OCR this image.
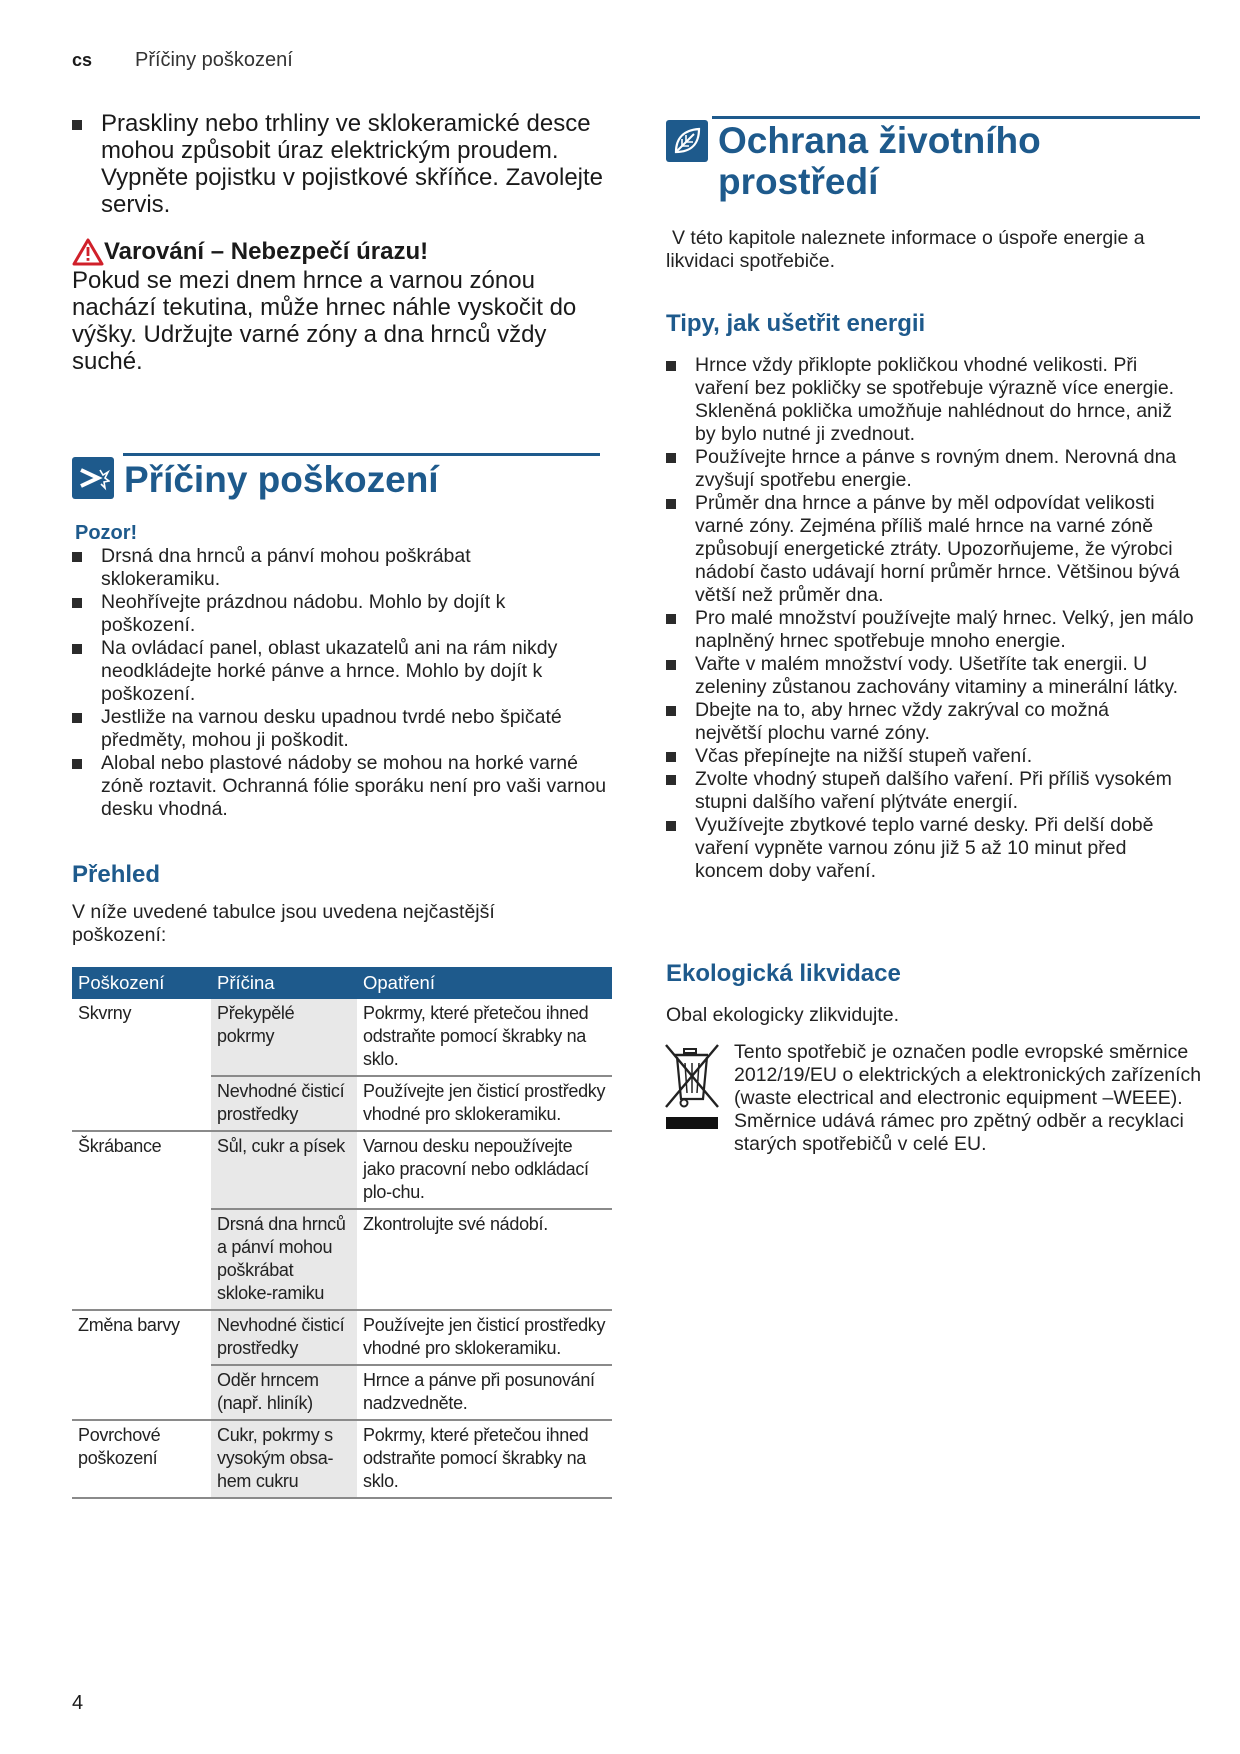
cs Příčiny poškození
Praskliny nebo trhliny ve sklokeramické desce mohou způsobit úraz elektrickým proudem. Vypněte pojistku v pojistkové skříňce. Zavolejte servis.
Varování – Nebezpečí úrazu!
Pokud se mezi dnem hrnce a varnou zónou nachází tekutina, může hrnec náhle vyskočit do výšky. Udržujte varné zóny a dna hrnců vždy suché.
Příčiny poškození
Pozor!
Drsná dna hrnců a pánví mohou poškrábat sklokeramiku.
Neohřívejte prázdnou nádobu. Mohlo by dojít k poškození.
Na ovládací panel, oblast ukazatelů ani na rám nikdy neodkládejte horké pánve a hrnce. Mohlo by dojít k poškození.
Jestliže na varnou desku upadnou tvrdé nebo špičaté předměty, mohou ji poškodit.
Alobal nebo plastové nádoby se mohou na horké varné zóně roztavit. Ochranná fólie sporáku není pro vaši varnou desku vhodná.
Přehled
V níže uvedené tabulce jsou uvedena nejčastější poškození:
Poškození	Příčina	Opatření
Skvrny	Překypělé pokrmy	Pokrmy, které přetečou ihned odstraňte pomocí škrabky na sklo.
	Nevhodné čisticí prostředky	Používejte jen čisticí prostředky vhodné pro sklokeramiku.
Škrábance	Sůl, cukr a písek	Varnou desku nepoužívejte jako pracovní nebo odkládací plo-chu.
	Drsná dna hrnců a pánví mohou poškrábat skloke-ramiku	Zkontrolujte své nádobí.
Změna barvy	Nevhodné čisticí prostředky	Používejte jen čisticí prostředky vhodné pro sklokeramiku.
	Oděr hrncem (např. hliník)	Hrnce a pánve při posunování nadzvedněte.
Povrchové poškození	Cukr, pokrmy s vysokým obsa-hem cukru	Pokrmy, které přetečou ihned odstraňte pomocí škrabky na sklo.
Ochrana životního prostředí
V této kapitole naleznete informace o úspoře energie a likvidaci spotřebiče.
Tipy, jak ušetřit energii
Hrnce vždy přiklopte pokličkou vhodné velikosti. Při vaření bez pokličky se spotřebuje výrazně více energie. Skleněná poklička umožňuje nahlédnout do hrnce, aniž by bylo nutné ji zvednout.
Používejte hrnce a pánve s rovným dnem. Nerovná dna zvyšují spotřebu energie.
Průměr dna hrnce a pánve by měl odpovídat velikosti varné zóny. Zejména příliš malé hrnce na varné zóně způsobují energetické ztráty. Upozorňujeme, že výrobci nádobí často udávají horní průměr hrnce. Většinou bývá větší než průměr dna.
Pro malé množství používejte malý hrnec. Velký, jen málo naplněný hrnec spotřebuje mnoho energie.
Vařte v malém množství vody. Ušetříte tak energii. U zeleniny zůstanou zachovány vitaminy a minerální látky.
Dbejte na to, aby hrnec vždy zakrýval co možná největší plochu varné zóny.
Včas přepínejte na nižší stupeň vaření.
Zvolte vhodný stupeň dalšího vaření. Při příliš vysokém stupni dalšího vaření plýtváte energií.
Využívejte zbytkové teplo varné desky. Při delší době vaření vypněte varnou zónu již 5 až 10 minut před koncem doby vaření.
Ekologická likvidace
Obal ekologicky zlikvidujte.
Tento spotřebič je označen podle evropské směrnice 2012/19/EU o elektrických a elektronických zařízeních (waste electrical and electronic equipment –WEEE). Směrnice udává rámec pro zpětný odběr a recyklaci starých spotřebičů v celé EU.
4
